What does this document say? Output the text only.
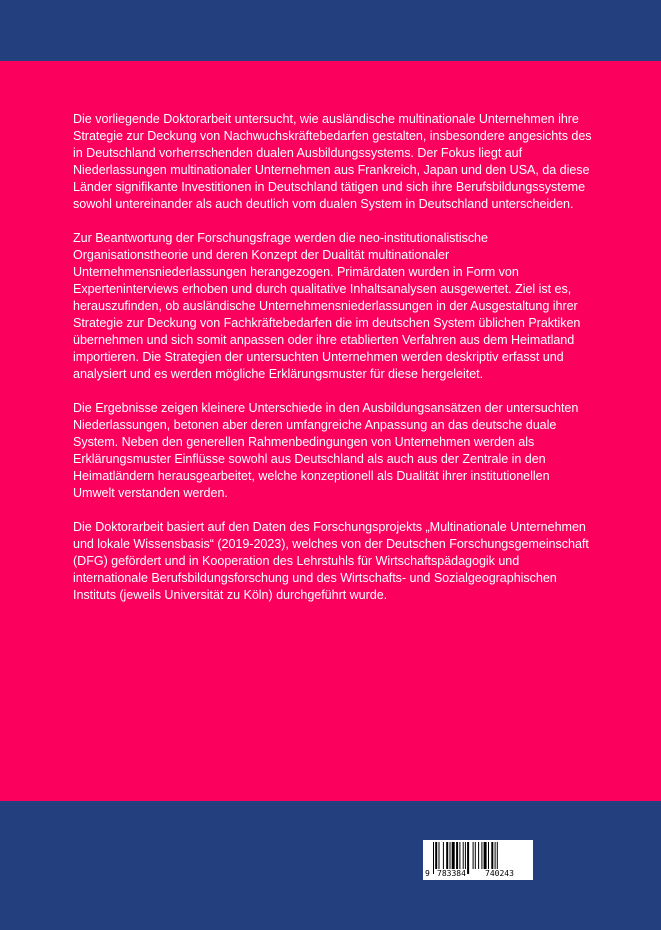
Die vorliegende Doktorarbeit untersucht, wie ausländische multinationale Unternehmen ihre Strategie zur Deckung von Nachwuchskräftebedarfen gestalten, insbesondere angesichts des in Deutschland vorherrschenden dualen Ausbildungssystems. Der Fokus liegt auf Niederlassungen multinationaler Unternehmen aus Frankreich, Japan und den USA, da diese Länder signifikante Investitionen in Deutschland tätigen und sich ihre Berufsbildungssysteme sowohl untereinander als auch deutlich vom dualen System in Deutschland unterscheiden.

Zur Beantwortung der Forschungsfrage werden die neo-institutionalistische Organisationstheorie und deren Konzept der Dualität multinationaler Unternehmensniederlassungen herangezogen. Primärdaten wurden in Form von Experteninterviews erhoben und durch qualitative Inhaltsanalysen ausgewertet. Ziel ist es, herauszufinden, ob ausländische Unternehmensniederlassungen in der Ausgestaltung ihrer Strategie zur Deckung von Fachkräftebedarfen die im deutschen System üblichen Praktiken übernehmen und sich somit anpassen oder ihre etablierten Verfahren aus dem Heimatland importieren. Die Strategien der untersuchten Unternehmen werden deskriptiv erfasst und analysiert und es werden mögliche Erklärungsmuster für diese hergeleitet.

Die Ergebnisse zeigen kleinere Unterschiede in den Ausbildungsansätzen der untersuchten Niederlassungen, betonen aber deren umfangreiche Anpassung an das deutsche duale System. Neben den generellen Rahmenbedingungen von Unternehmen werden als Erklärungsmuster Einflüsse sowohl aus Deutschland als auch aus der Zentrale in den Heimatländern herausgearbeitet, welche konzeptionell als Dualität ihrer institutionellen Umwelt verstanden werden.

Die Doktorarbeit basiert auf den Daten des Forschungsprojekts „Multinationale Unternehmen und lokale Wissensbasis“ (2019-2023), welches von der Deutschen Forschungsgemeinschaft (DFG) gefördert und in Kooperation des Lehrstuhls für Wirtschaftspädagogik und internationale Berufsbildungsforschung und des Wirtschafts- und Sozialgeographischen Instituts (jeweils Universität zu Köln) durchgeführt wurde.

9 783384 740243
